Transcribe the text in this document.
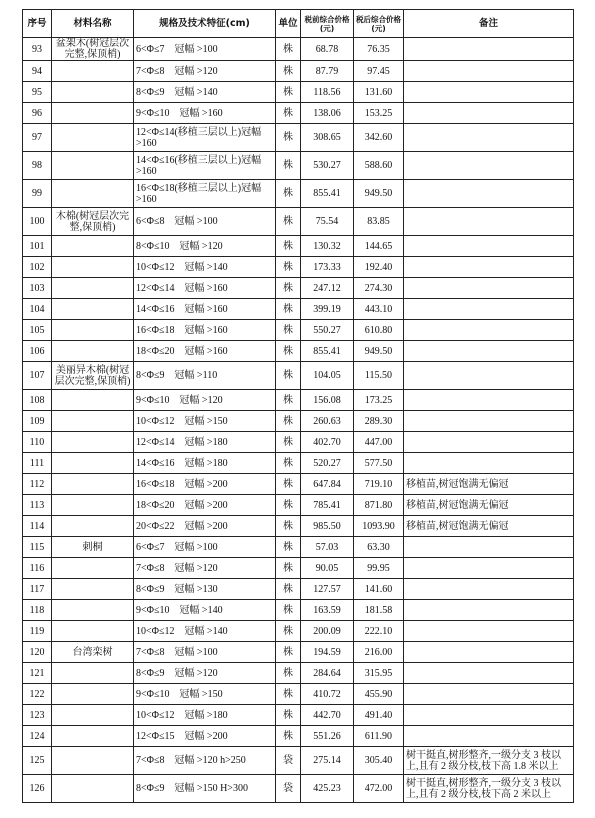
序号	材料名称	规格及技术特征(cm)	单位	税前综合价格(元)	税后综合价格(元)	备注
93	盆架木(树冠层次完整,保顶梢)	6<Φ≤7　冠幅 >100	株	68.78	76.35	
94		7<Φ≤8　冠幅 >120	株	87.79	97.45	
95		8<Φ≤9　冠幅 >140	株	118.56	131.60	
96		9<Φ≤10　冠幅 >160	株	138.06	153.25	
97		12<Φ≤14(移植三层以上)冠幅 >160	株	308.65	342.60	
98		14<Φ≤16(移植三层以上)冠幅 >160	株	530.27	588.60	
99		16<Φ≤18(移植三层以上)冠幅 >160	株	855.41	949.50	
100	木棉(树冠层次完整,保顶梢)	6<Φ≤8　冠幅 >100	株	75.54	83.85	
101		8<Φ≤10　冠幅 >120	株	130.32	144.65	
102		10<Φ≤12　冠幅 >140	株	173.33	192.40	
103		12<Φ≤14　冠幅 >160	株	247.12	274.30	
104		14<Φ≤16　冠幅 >160	株	399.19	443.10	
105		16<Φ≤18　冠幅 >160	株	550.27	610.80	
106		18<Φ≤20　冠幅 >160	株	855.41	949.50	
107	美丽异木棉(树冠层次完整,保顶梢)	8<Φ≤9　冠幅 >110	株	104.05	115.50	
108		9<Φ≤10　冠幅 >120	株	156.08	173.25	
109		10<Φ≤12　冠幅 >150	株	260.63	289.30	
110		12<Φ≤14　冠幅 >180	株	402.70	447.00	
111		14<Φ≤16　冠幅 >180	株	520.27	577.50	
112		16<Φ≤18　冠幅 >200	株	647.84	719.10	移植苗,树冠饱满无偏冠
113		18<Φ≤20　冠幅 >200	株	785.41	871.80	移植苗,树冠饱满无偏冠
114		20<Φ≤22　冠幅 >200	株	985.50	1093.90	移植苗,树冠饱满无偏冠
115	刺桐	6<Φ≤7　冠幅 >100	株	57.03	63.30	
116		7<Φ≤8　冠幅 >120	株	90.05	99.95	
117		8<Φ≤9　冠幅 >130	株	127.57	141.60	
118		9<Φ≤10　冠幅 >140	株	163.59	181.58	
119		10<Φ≤12　冠幅 >140	株	200.09	222.10	
120	台湾栾树	7<Φ≤8　冠幅 >100	株	194.59	216.00	
121		8<Φ≤9　冠幅 >120	株	284.64	315.95	
122		9<Φ≤10　冠幅 >150	株	410.72	455.90	
123		10<Φ≤12　冠幅 >180	株	442.70	491.40	
124		12<Φ≤15　冠幅 >200	株	551.26	611.90	
125		7<Φ≤8　冠幅 >120 h>250	袋	275.14	305.40	树干挺直,树形整齐,一级分支 3 枝以上,且有 2 级分枝,枝下高 1.8 米以上
126		8<Φ≤9　冠幅 >150 H>300	袋	425.23	472.00	树干挺直,树形整齐,一级分支 3 枝以上,且有 2 级分枝,枝下高 2 米以上
